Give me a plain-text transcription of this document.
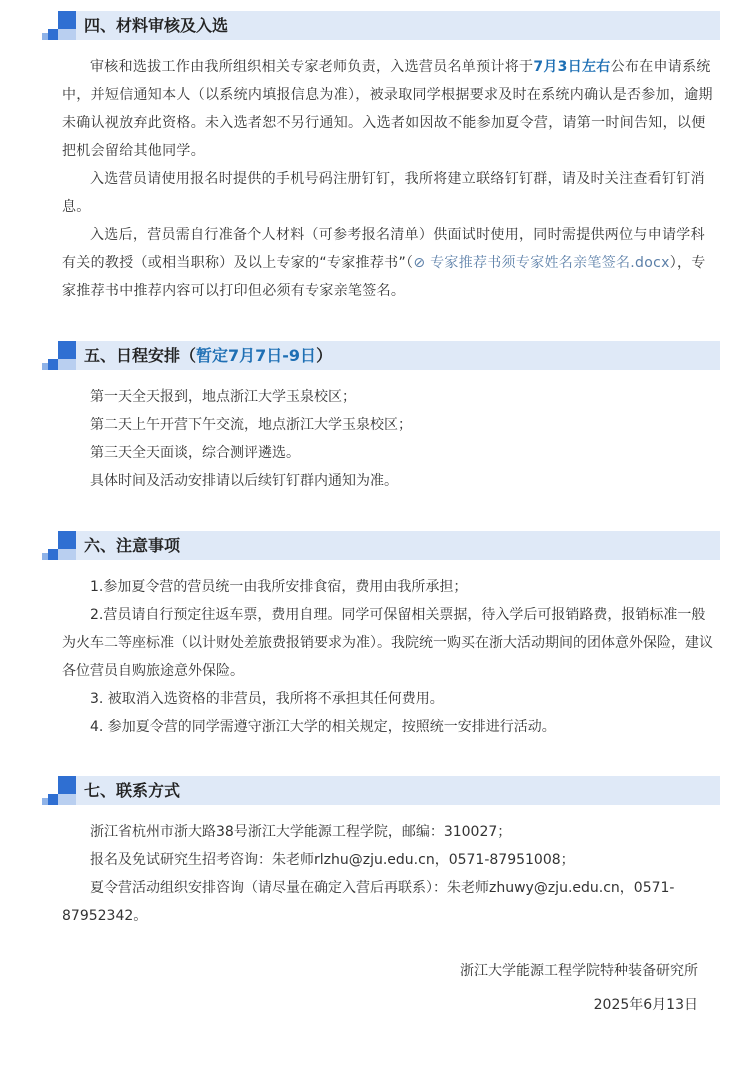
四、材料审核及入选

审核和选拔工作由我所组织相关专家老师负责，入选营员名单预计将于7月3日左右公布在申请系统中，并短信通知本人（以系统内填报信息为准），被录取同学根据要求及时在系统内确认是否参加，逾期未确认视放弃此资格。未入选者恕不另行通知。入选者如因故不能参加夏令营，请第一时间告知，以便把机会留给其他同学。

入选营员请使用报名时提供的手机号码注册钉钉，我所将建立联络钉钉群，请及时关注查看钉钉消息。

入选后，营员需自行准备个人材料（可参考报名清单）供面试时使用，同时需提供两位与申请学科有关的教授（或相当职称）及以上专家的“专家推荐书”（⊘ 专家推荐书须专家姓名亲笔签名.docx），专家推荐书中推荐内容可以打印但必须有专家亲笔签名。

五、日程安排（暂定7月7日-9日）
第一天全天报到，地点浙江大学玉泉校区；
第二天上午开营下午交流，地点浙江大学玉泉校区；
第三天全天面谈，综合测评遴选。
具体时间及活动安排请以后续钉钉群内通知为准。
六、注意事项
1.参加夏令营的营员统一由我所安排食宿，费用由我所承担；
2.营员请自行预定往返车票，费用自理。同学可保留相关票据，待入学后可报销路费，报销标准一般为火车二等座标准（以计财处差旅费报销要求为准）。我院统一购买在浙大活动期间的团体意外保险，建议各位营员自购旅途意外保险。
3. 被取消入选资格的非营员，我所将不承担其任何费用。
4. 参加夏令营的同学需遵守浙江大学的相关规定，按照统一安排进行活动。
七、联系方式
浙江省杭州市浙大路38号浙江大学能源工程学院，邮编：310027；
报名及免试研究生招考咨询：朱老师rlzhu@zju.edu.cn，0571-87951008；
夏令营活动组织安排咨询（请尽量在确定入营后再联系）：朱老师zhuwy@zju.edu.cn，0571-87952342。
浙江大学能源工程学院特种装备研究所
2025年6月13日
